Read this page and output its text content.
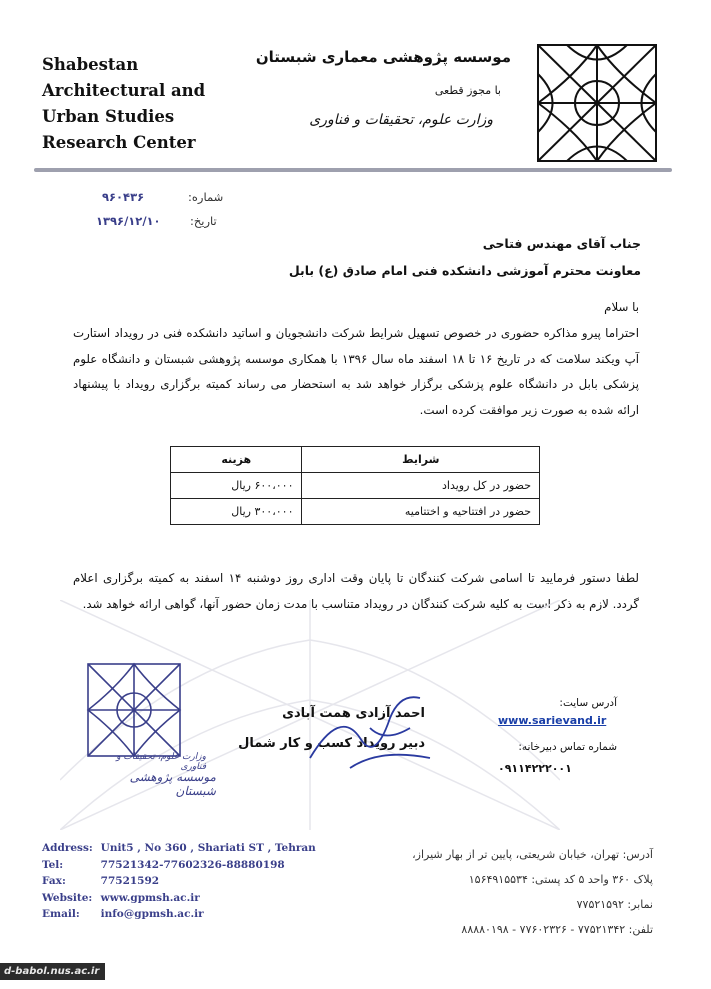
Shabestan
Architectural and
Urban Studies
Research Center
موسسه پژوهشی معماری شبستان
با مجوز قطعی
وزارت علوم، تحقیقات و فناوری
شماره:
۹۶۰۴۳۶
تاریخ:
۱۳۹۶/۱۲/۱۰
جناب آقای مهندس فتاحی
معاونت محترم آموزشی دانشکده فنی امام صادق (ع) بابل
با سلام
احتراما پیرو مذاکره حضوری در خصوص تسهیل شرایط شرکت دانشجویان و اساتید دانشکده فنی در رویداد استارت آپ ویکند سلامت که در تاریخ ۱۶ تا ۱۸ اسفند ماه سال ۱۳۹۶ با همکاری موسسه پژوهشی شبستان و دانشگاه علوم پزشکی بابل در دانشگاه علوم پزشکی برگزار خواهد شد به استحضار می رساند کمیته برگزاری رویداد با پیشنهاد ارائه شده به صورت زیر موافقت کرده است.
شرایط	هزینه
حضور در کل رویداد	۶۰۰،۰۰۰ ریال
حضور در افتتاحیه و اختتامیه	۳۰۰،۰۰۰ ریال
لطفا دستور فرمایید تا اسامی شرکت کنندگان تا پایان وقت اداری روز دوشنبه ۱۴ اسفند به کمیته برگزاری اعلام گردد. لازم به ذکر است به کلیه شرکت کنندگان در رویداد متناسب با مدت زمان حضور آنها، گواهی ارائه خواهد شد.
وزارت علوم، تحقیقات و فناوری
موسسه پژوهشی شبستان
احمد آزادی همت آبادی
دبیر رویداد کسب و کار شمال
آدرس سایت:
www.sarievand.ir
شماره تماس دبیرخانه:
۰۹۱۱۴۲۲۲۰۰۱
Address: Unit5 , No 360 , Shariati ST , Tehran
Tel:	77521342-77602326-88880198
Fax:	77521592
Website: www.gpmsh.ac.ir
Email: info@gpmsh.ac.ir
آدرس: تهران، خیابان شریعتی، پایین تر از بهار شیراز،
پلاک ۳۶۰ واحد ۵ کد پستی: ۱۵۶۴۹۱۵۵۳۴
نمابر: ۷۷۵۲۱۵۹۲
تلفن: ۷۷۵۲۱۳۴۲ - ۷۷۶۰۲۳۲۶ - ۸۸۸۸۰۱۹۸
d-babol.nus.ac.ir
